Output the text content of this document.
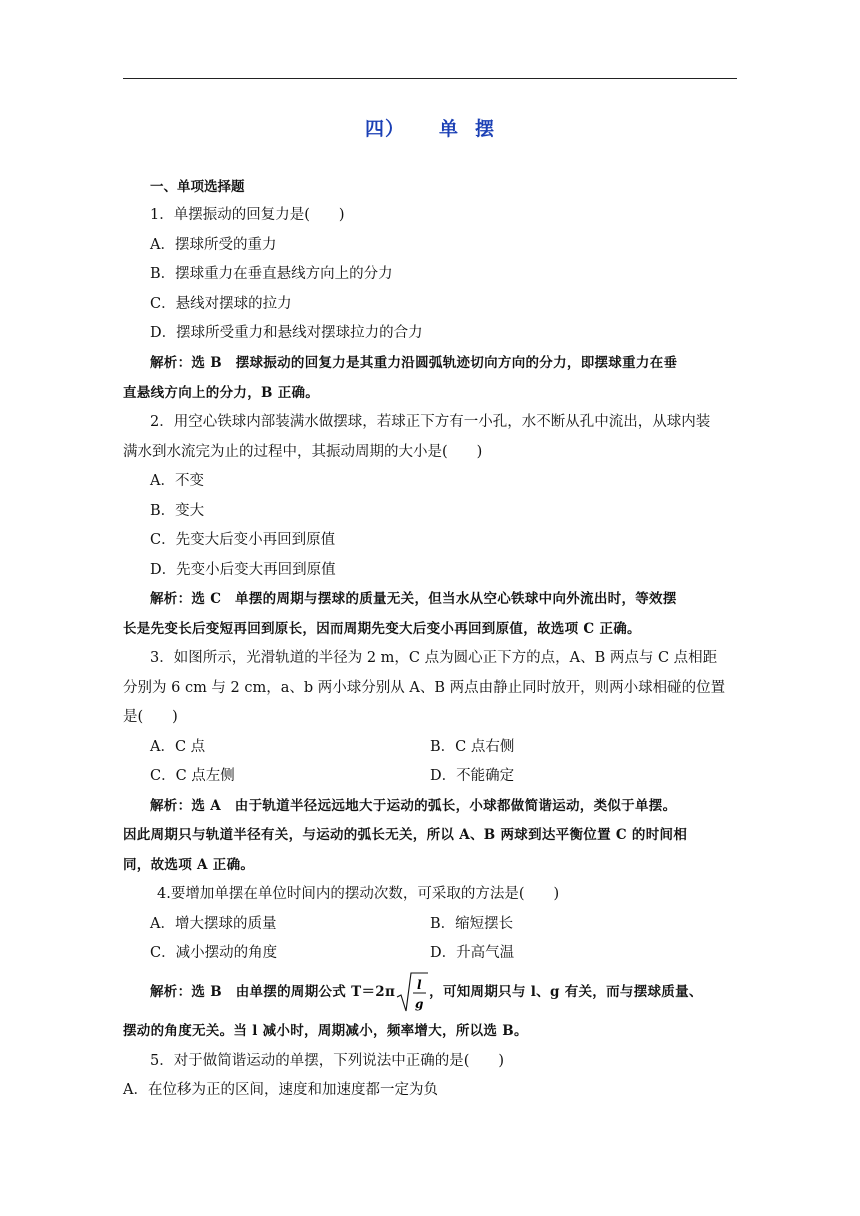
四） 单 摆
一、单项选择题
1．单摆振动的回复力是(　　)
A．摆球所受的重力
B．摆球重力在垂直悬线方向上的分力
C．悬线对摆球的拉力
D．摆球所受重力和悬线对摆球拉力的合力
解析：选 B　摆球振动的回复力是其重力沿圆弧轨迹切向方向的分力，即摆球重力在垂
直悬线方向上的分力，B 正确。
2．用空心铁球内部装满水做摆球，若球正下方有一小孔，水不断从孔中流出，从球内装
满水到水流完为止的过程中，其振动周期的大小是(　　)
A．不变
B．变大
C．先变大后变小再回到原值
D．先变小后变大再回到原值
解析：选 C　单摆的周期与摆球的质量无关，但当水从空心铁球中向外流出时，等效摆
长是先变长后变短再回到原长，因而周期先变大后变小再回到原值，故选项 C 正确。
3．如图所示，光滑轨道的半径为 2 m，C 点为圆心正下方的点，A、B 两点与 C 点相距
分别为 6 cm 与 2 cm，a、b 两小球分别从 A、B 两点由静止同时放开，则两小球相碰的位置
是(　　)
A．C 点	B．C 点右侧
C．C 点左侧	D．不能确定
解析：选 A　由于轨道半径远远地大于运动的弧长，小球都做简谐运动，类似于单摆。
因此周期只与轨道半径有关，与运动的弧长无关，所以 A、B 两球到达平衡位置 C 的时间相
同，故选项 A 正确。
4.要增加单摆在单位时间内的摆动次数，可采取的方法是(　　)
A．增大摆球的质量	B．缩短摆长
C．减小摆动的角度	D．升高气温
解析：选 B　由单摆的周期公式 T＝2π l
g
，可知周期只与 l、g 有关，而与摆球质量、
摆动的角度无关。当 l 减小时，周期减小，频率增大，所以选 B。
5．对于做简谐运动的单摆，下列说法中正确的是(　　)
A．在位移为正的区间，速度和加速度都一定为负
